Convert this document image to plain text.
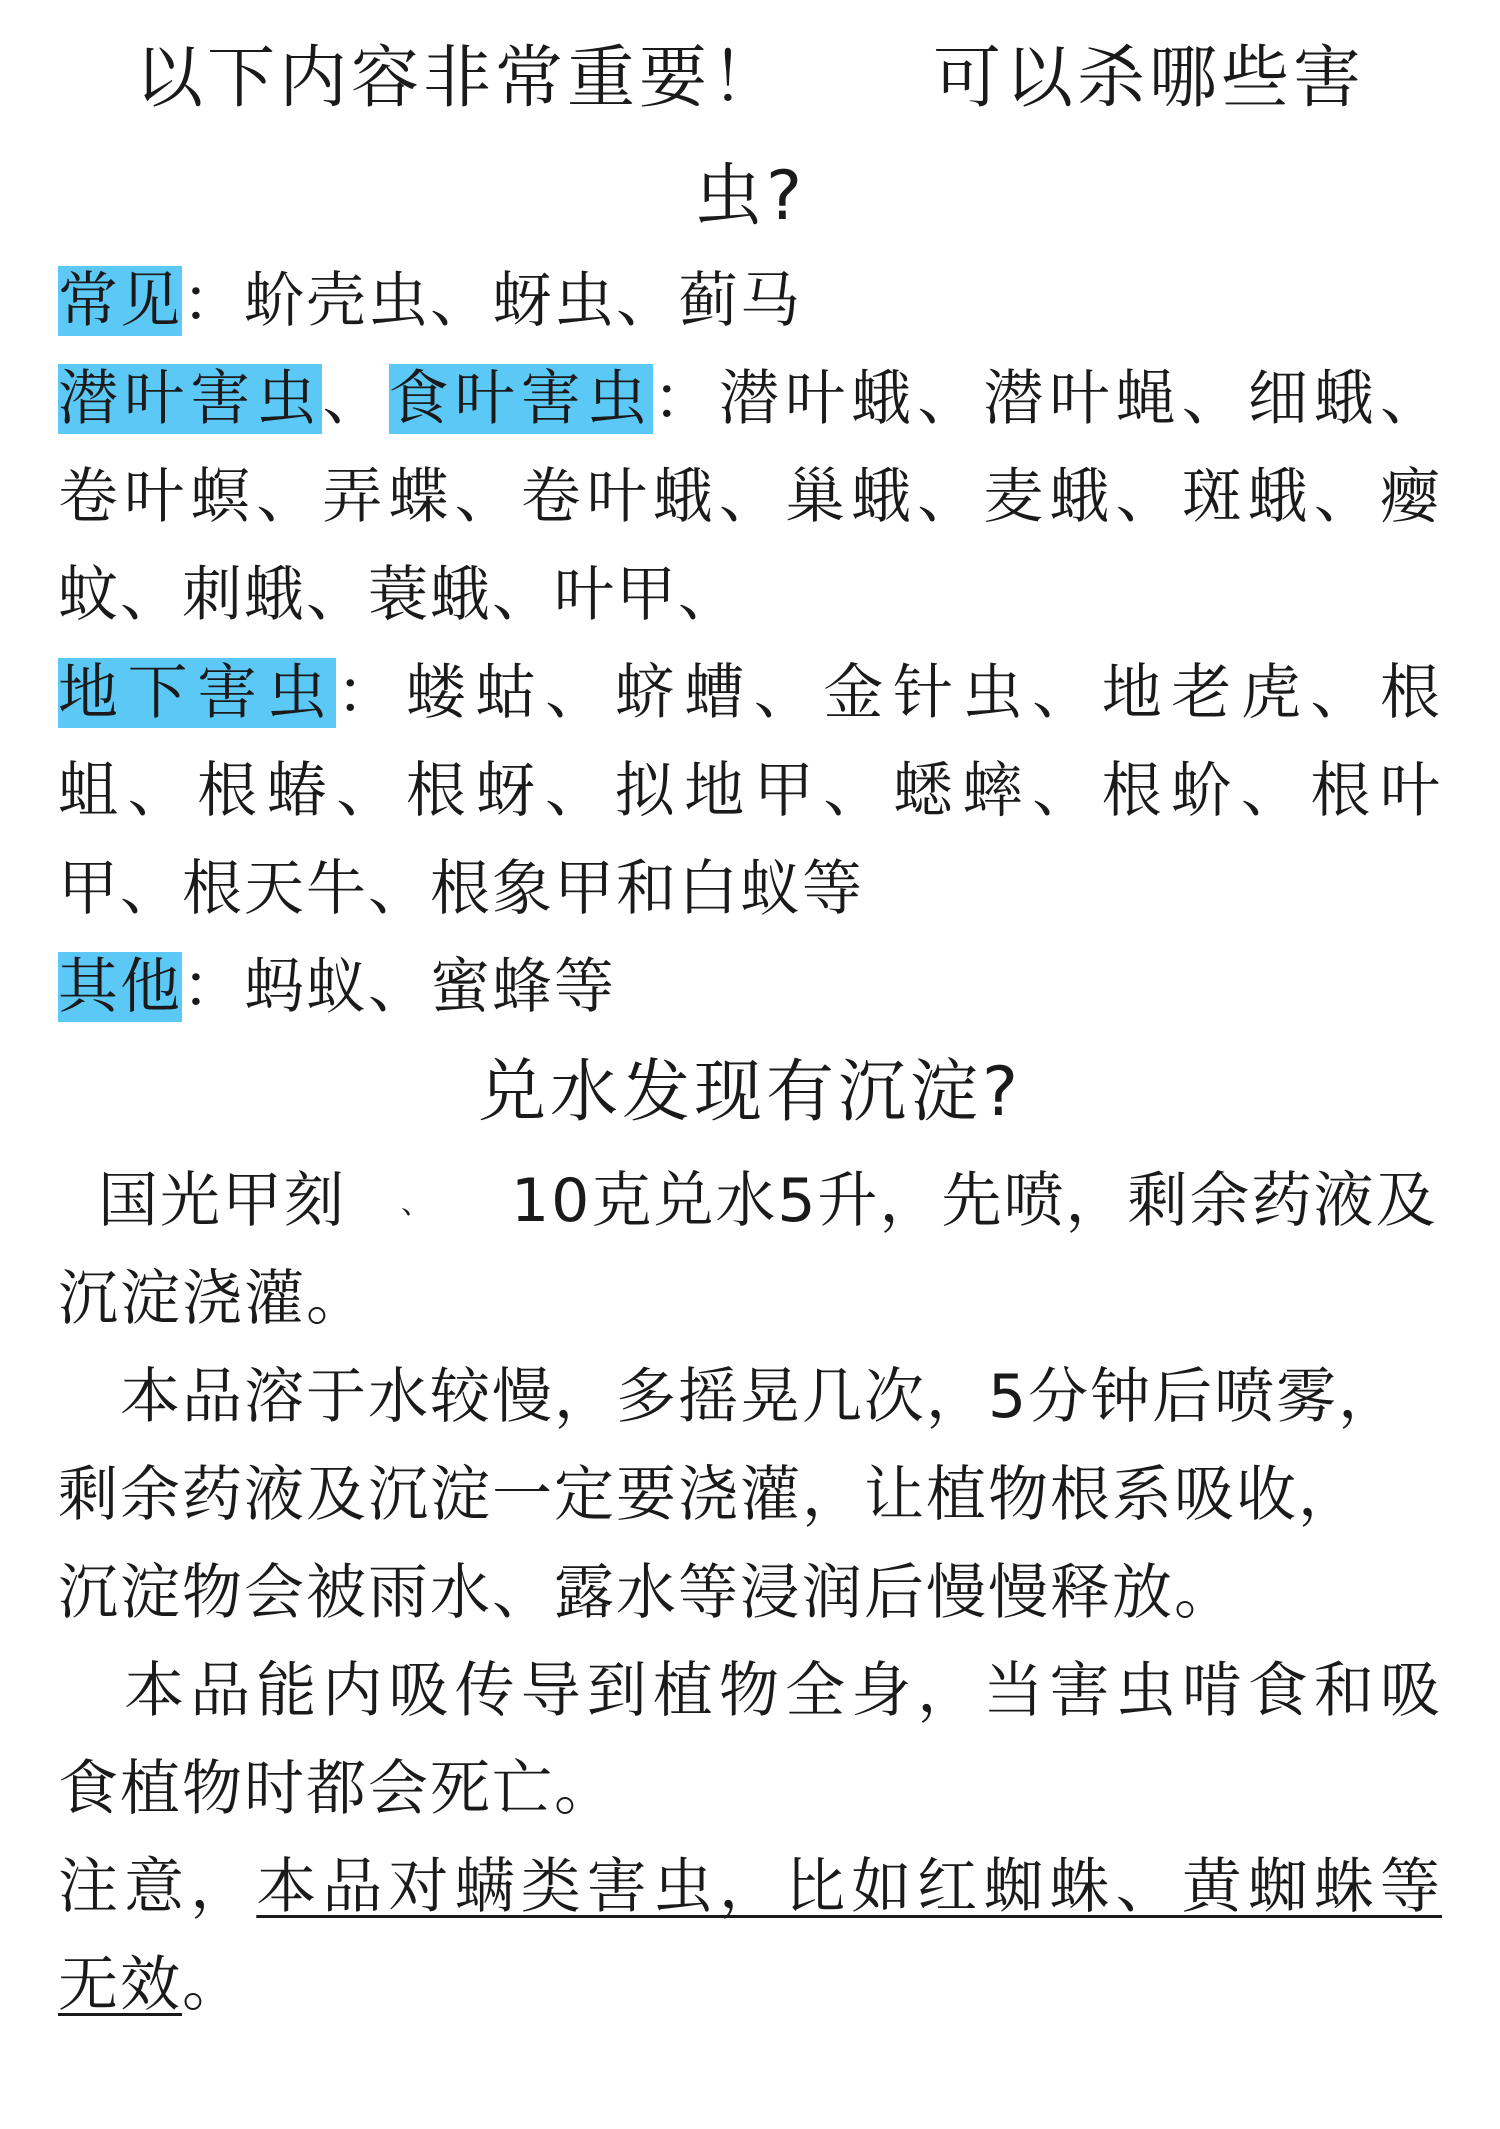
以下内容非常重要！ 可以杀哪些害
虫?
常见：蚧壳虫、蚜虫、蓟马
潜叶害虫、食叶害虫：潜叶蛾、潜叶蝇、细蛾、
卷叶螟、弄蝶、卷叶蛾、巢蛾、麦蛾、斑蛾、瘿
蚊、刺蛾、蓑蛾、叶甲、
地下害虫：蝼蛄、蛴螬、金针虫、地老虎、根
蛆、根蝽、根蚜、拟地甲、蟋蟀、根蚧、根叶
甲、根天牛、根象甲和白蚁等
其他：蚂蚁、蜜蜂等
兑水发现有沉淀?
国光甲刻 、 10克兑水5升，先喷，剩余药液及
沉淀浇灌。
　本品溶于水较慢，多摇晃几次，5分钟后喷雾，
剩余药液及沉淀一定要浇灌，让植物根系吸收，
沉淀物会被雨水、露水等浸润后慢慢释放。
　本品能内吸传导到植物全身，当害虫啃食和吸
食植物时都会死亡。
注意，本品对螨类害虫，比如红蜘蛛、黄蜘蛛等
无效。
